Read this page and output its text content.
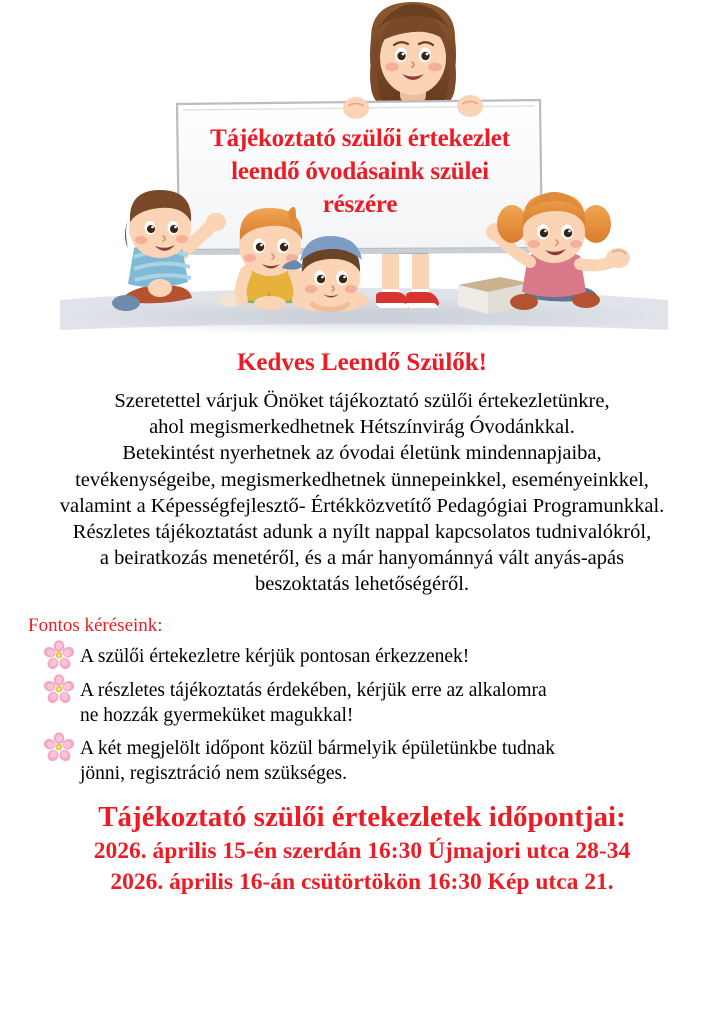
Tájékoztató szülői értekezlet
leendő óvodásaink szülei
részére
Kedves Leendő Szülők!
Szeretettel várjuk Önöket tájékoztató szülői értekezletünkre,
ahol megismerkedhetnek Hétszínvirág Óvodánkkal.
Betekintést nyerhetnek az óvodai életünk mindennapjaiba,
tevékenységeibe, megismerkedhetnek ünnepeinkkel, eseményeinkkel,
valamint a Képességfejlesztő- Értékközvetítő Pedagógiai Programunkkal.
Részletes tájékoztatást adunk a nyílt nappal kapcsolatos tudnivalókról,
a beiratkozás menetéről, és a már hanyománnyá vált anyás-apás
beszoktatás lehetőségéről.
Fontos kéréseink:
A szülői értekezletre kérjük pontosan érkezzenek!
A részletes tájékoztatás érdekében, kérjük erre az alkalomra
ne hozzák gyermeküket magukkal!
A két megjelölt időpont közül bármelyik épületünkbe tudnak
jönni, regisztráció nem szükséges.
Tájékoztató szülői értekezletek időpontjai:
2026. április 15-én szerdán 16:30 Újmajori utca 28-34
2026. április 16-án csütörtökön 16:30 Kép utca 21.
